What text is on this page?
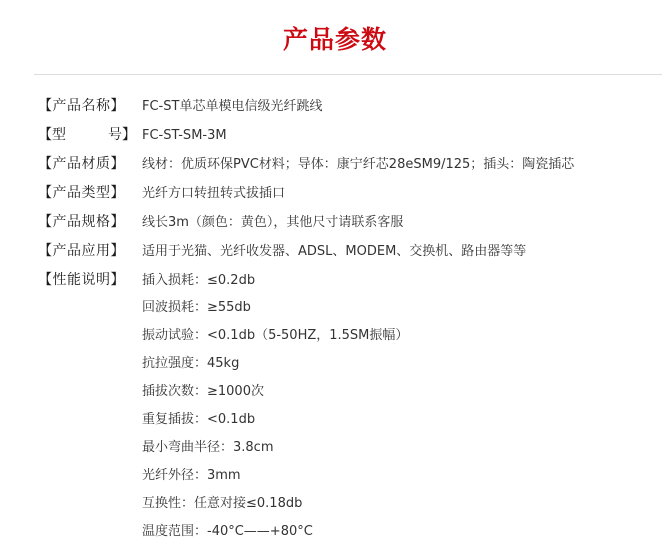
产品参数
【产品名称】 FC-ST单芯单模电信级光纤跳线
【型	号】 FC-ST-SM-3M
【产品材质】 线材：优质环保PVC材料；导体：康宁纤芯28eSM9/125；插头：陶瓷插芯
【产品类型】 光纤方口转扭转式拔插口
【产品规格】 线长3m（颜色：黄色），其他尺寸请联系客服
【产品应用】 适用于光猫、光纤收发器、ADSL、MODEM、交换机、路由器等等
【性能说明】 插入损耗：≤0.2db
回波损耗：≥55db
振动试验：<0.1db（5-50HZ，1.5SM振幅）
抗拉强度：45kg
插拔次数：≥1000次
重复插拔：<0.1db
最小弯曲半径：3.8cm
光纤外径：3mm
互换性：任意对接≤0.18db
温度范围：-40°C——+80°C
